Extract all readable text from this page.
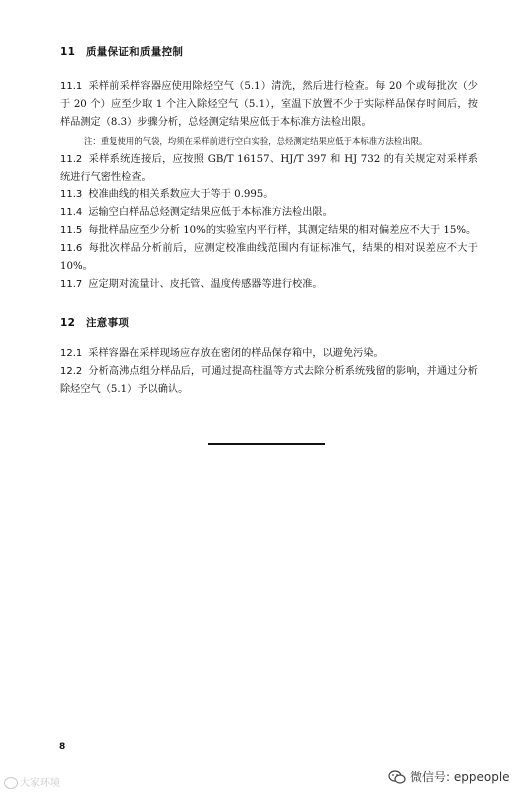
11 质量保证和质量控制
11.1 采样前采样容器应使用除烃空气（5.1）清洗，然后进行检查。每 20 个或每批次（少于 20 个）应至少取 1 个注入除烃空气（5.1），室温下放置不少于实际样品保存时间后，按样品测定（8.3）步骤分析，总烃测定结果应低于本标准方法检出限。
注：重复使用的气袋，均须在采样前进行空白实验，总烃测定结果应低于本标准方法检出限。
11.2 采样系统连接后，应按照 GB/T 16157、HJ/T 397 和 HJ 732 的有关规定对采样系统进行气密性检查。
11.3 校准曲线的相关系数应大于等于 0.995。
11.4 运输空白样品总烃测定结果应低于本标准方法检出限。
11.5 每批样品应至少分析 10%的实验室内平行样，其测定结果的相对偏差应不大于 15%。
11.6 每批次样品分析前后，应测定校准曲线范围内有证标准气，结果的相对误差应不大于 10%。
11.7 应定期对流量计、皮托管、温度传感器等进行校准。
12 注意事项
12.1 采样容器在采样现场应存放在密闭的样品保存箱中，以避免污染。
12.2 分析高沸点组分样品后，可通过提高柱温等方式去除分析系统残留的影响，并通过分析除烃空气（5.1）予以确认。
8
大家环境	微信号: eppeople
